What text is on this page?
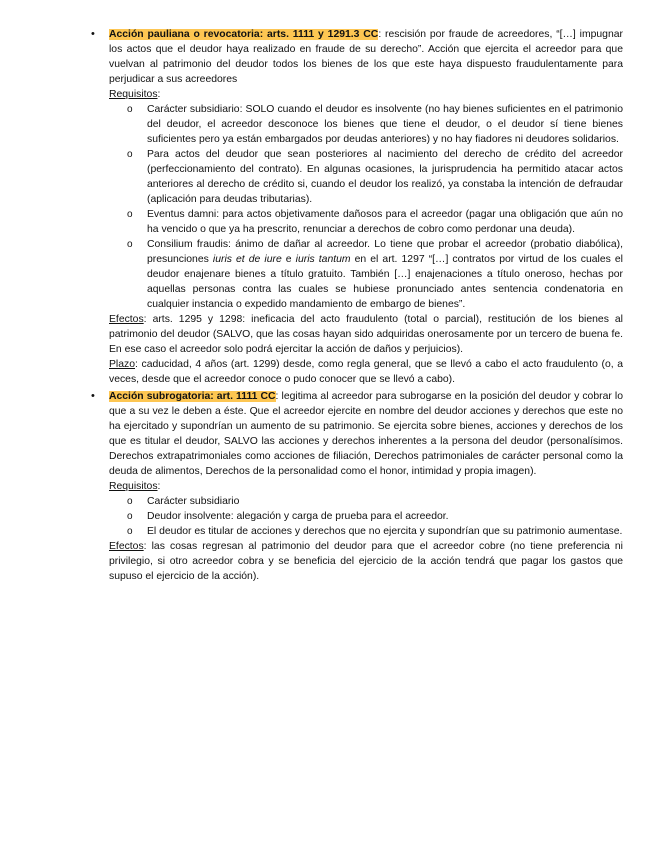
•	Acción pauliana o revocatoria: arts. 1111 y 1291.3 CC: rescisión por fraude de acreedores, “[…] impugnar los actos que el deudor haya realizado en fraude de su derecho”. Acción que ejercita el acreedor para que vuelvan al patrimonio del deudor todos los bienes de los que este haya dispuesto fraudulentamente para perjudicar a sus acreedores

Requisitos:

o	Carácter subsidiario: SOLO cuando el deudor es insolvente (no hay bienes suficientes en el patrimonio del deudor, el acreedor desconoce los bienes que tiene el deudor, o el deudor sí tiene bienes suficientes pero ya están embargados por deudas anteriores) y no hay fiadores ni deudores solidarios.

o	Para actos del deudor que sean posteriores al nacimiento del derecho de crédito del acreedor (perfeccionamiento del contrato). En algunas ocasiones, la jurisprudencia ha permitido atacar actos anteriores al derecho de crédito si, cuando el deudor los realizó, ya constaba la intención de defraudar (aplicación para deudas tributarias).

o	Eventus damni: para actos objetivamente dañosos para el acreedor (pagar una obligación que aún no ha vencido o que ya ha prescrito, renunciar a derechos de cobro como perdonar una deuda).

o	Consilium fraudis: ánimo de dañar al acreedor. Lo tiene que probar el acreedor (probatio diabólica), presunciones iuris et de iure e iuris tantum en el art. 1297 “[…] contratos por virtud de los cuales el deudor enajenare bienes a título gratuito. También […] enajenaciones a título oneroso, hechas por aquellas personas contra las cuales se hubiese pronunciado antes sentencia condenatoria en cualquier instancia o expedido mandamiento de embargo de bienes”.

Efectos: arts. 1295 y 1298: ineficacia del acto fraudulento (total o parcial), restitución de los bienes al patrimonio del deudor (SALVO, que las cosas hayan sido adquiridas onerosamente por un tercero de buena fe. En ese caso el acreedor solo podrá ejercitar la acción de daños y perjuicios).

Plazo: caducidad, 4 años (art. 1299) desde, como regla general, que se llevó a cabo el acto fraudulento (o, a veces, desde que el acreedor conoce o pudo conocer que se llevó a cabo).

•	Acción subrogatoria: art. 1111 CC: legitima al acreedor para subrogarse en la posición del deudor y cobrar lo que a su vez le deben a éste. Que el acreedor ejercite en nombre del deudor acciones y derechos que este no ha ejercitado y supondrían un aumento de su patrimonio. Se ejercita sobre bienes, acciones y derechos de los que es titular el deudor, SALVO las acciones y derechos inherentes a la persona del deudor (personalísimos. Derechos extrapatrimoniales como acciones de filiación, Derechos patrimoniales de carácter personal como la deuda de alimentos, Derechos de la personalidad como el honor, intimidad y propia imagen).

Requisitos:

o	Carácter subsidiario

o	Deudor insolvente: alegación y carga de prueba para el acreedor.

o	El deudor es titular de acciones y derechos que no ejercita y supondrían que su patrimonio aumentase.

Efectos: las cosas regresan al patrimonio del deudor para que el acreedor cobre (no tiene preferencia ni privilegio, si otro acreedor cobra y se beneficia del ejercicio de la acción tendrá que pagar los gastos que supuso el ejercicio de la acción).
